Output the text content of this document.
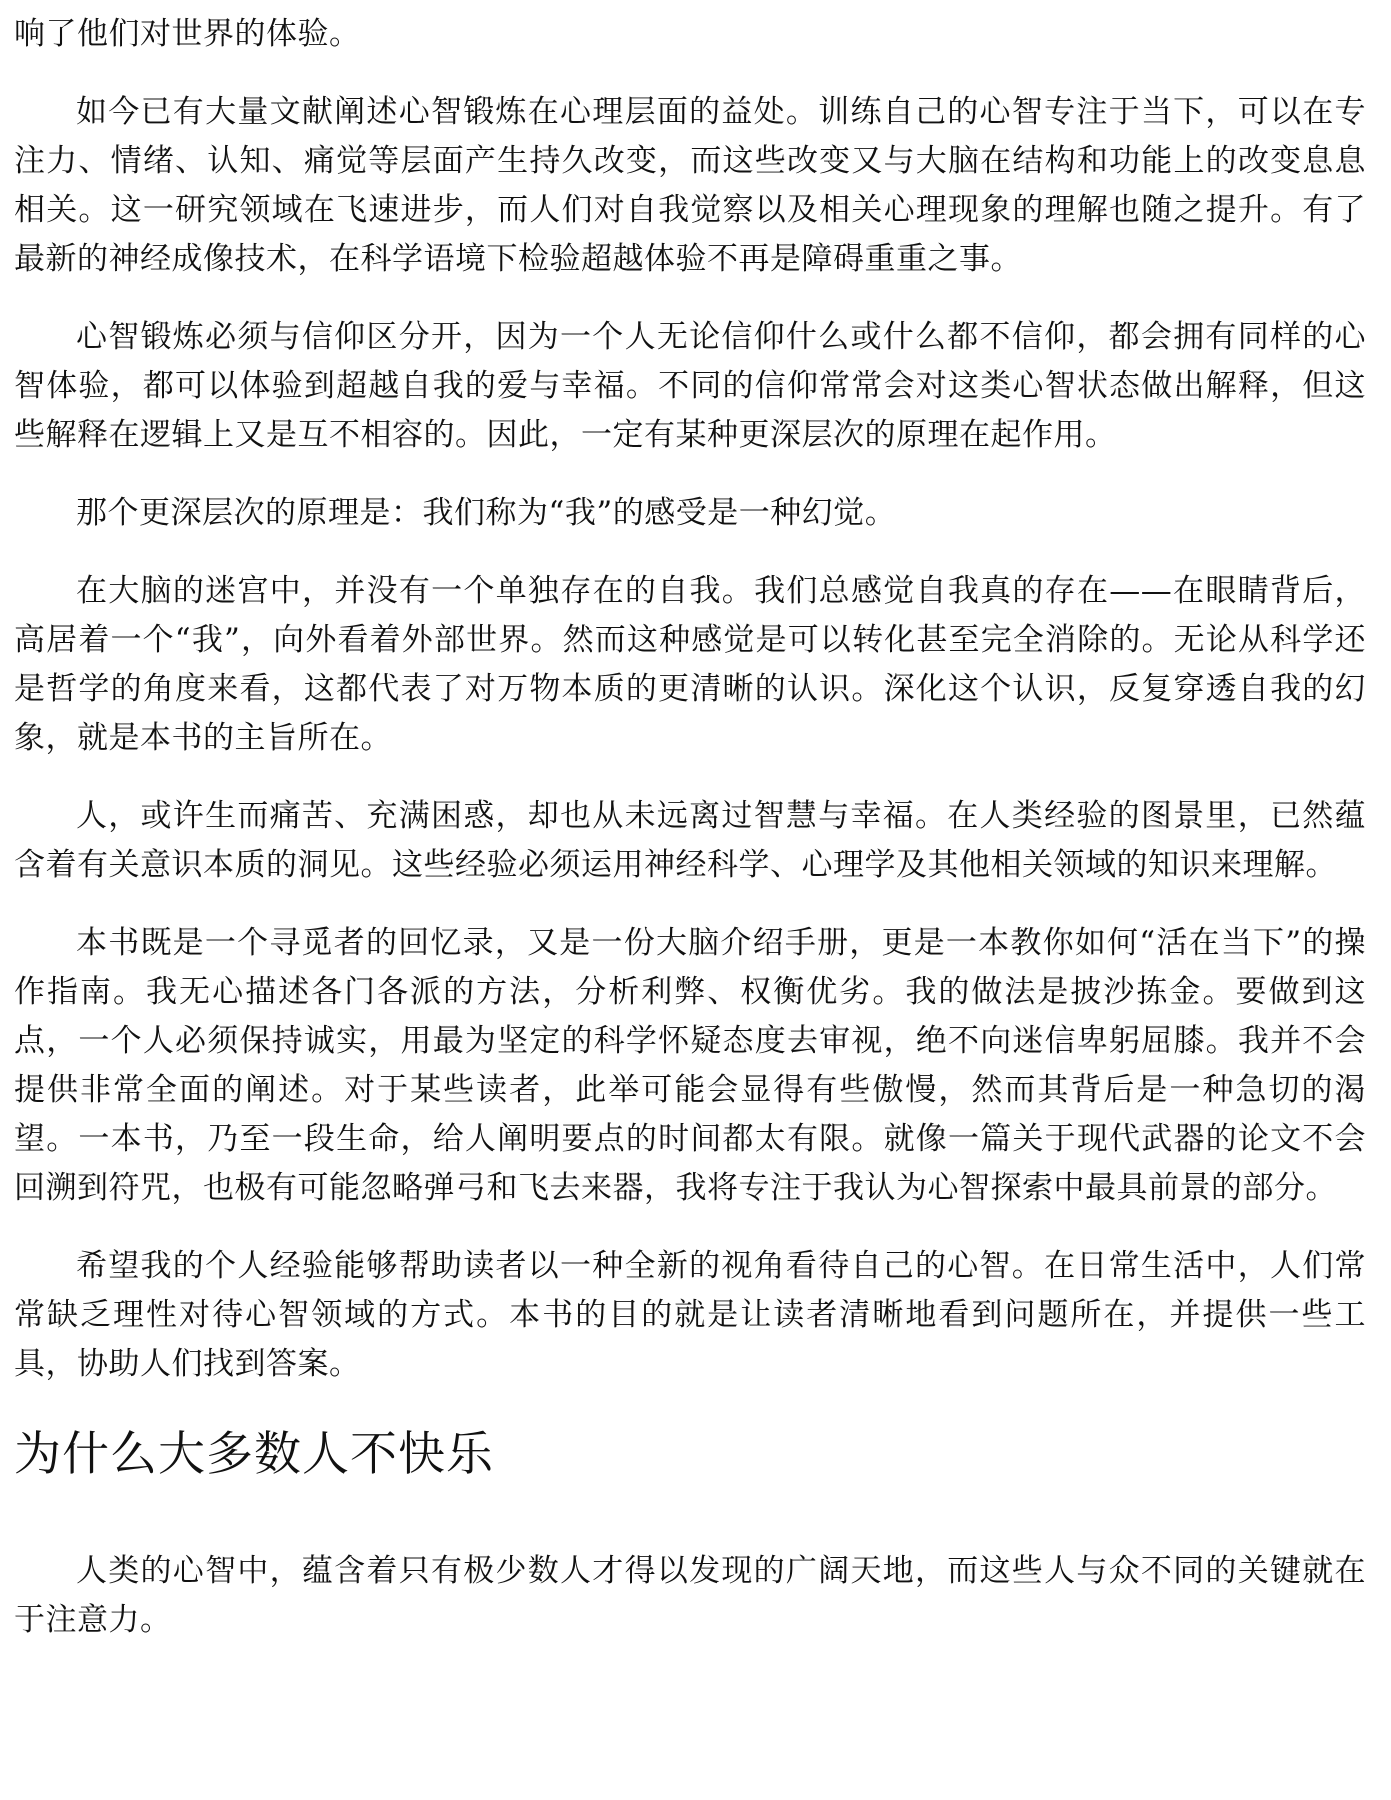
响了他们对世界的体验。

如今已有大量文献阐述心智锻炼在心理层面的益处。训练自己的心智专注于当下，可以在专注力、情绪、认知、痛觉等层面产生持久改变，而这些改变又与大脑在结构和功能上的改变息息相关。这一研究领域在飞速进步，而人们对自我觉察以及相关心理现象的理解也随之提升。有了最新的神经成像技术，在科学语境下检验超越体验不再是障碍重重之事。

心智锻炼必须与信仰区分开，因为一个人无论信仰什么或什么都不信仰，都会拥有同样的心智体验，都可以体验到超越自我的爱与幸福。不同的信仰常常会对这类心智状态做出解释，但这些解释在逻辑上又是互不相容的。因此，一定有某种更深层次的原理在起作用。

那个更深层次的原理是：我们称为“我”的感受是一种幻觉。

在大脑的迷宫中，并没有一个单独存在的自我。我们总感觉自我真的存在——在眼睛背后，高居着一个“我”，向外看着外部世界。然而这种感觉是可以转化甚至完全消除的。无论从科学还是哲学的角度来看，这都代表了对万物本质的更清晰的认识。深化这个认识，反复穿透自我的幻象，就是本书的主旨所在。

人，或许生而痛苦、充满困惑，却也从未远离过智慧与幸福。在人类经验的图景里，已然蕴含着有关意识本质的洞见。这些经验必须运用神经科学、心理学及其他相关领域的知识来理解。

本书既是一个寻觅者的回忆录，又是一份大脑介绍手册，更是一本教你如何“活在当下”的操作指南。我无心描述各门各派的方法，分析利弊、权衡优劣。我的做法是披沙拣金。要做到这点，一个人必须保持诚实，用最为坚定的科学怀疑态度去审视，绝不向迷信卑躬屈膝。我并不会提供非常全面的阐述。对于某些读者，此举可能会显得有些傲慢，然而其背后是一种急切的渴望。一本书，乃至一段生命，给人阐明要点的时间都太有限。就像一篇关于现代武器的论文不会回溯到符咒，也极有可能忽略弹弓和飞去来器，我将专注于我认为心智探索中最具前景的部分。

希望我的个人经验能够帮助读者以一种全新的视角看待自己的心智。在日常生活中，人们常常缺乏理性对待心智领域的方式。本书的目的就是让读者清晰地看到问题所在，并提供一些工具，协助人们找到答案。

为什么大多数人不快乐

人类的心智中，蕴含着只有极少数人才得以发现的广阔天地，而这些人与众不同的关键就在于注意力。
